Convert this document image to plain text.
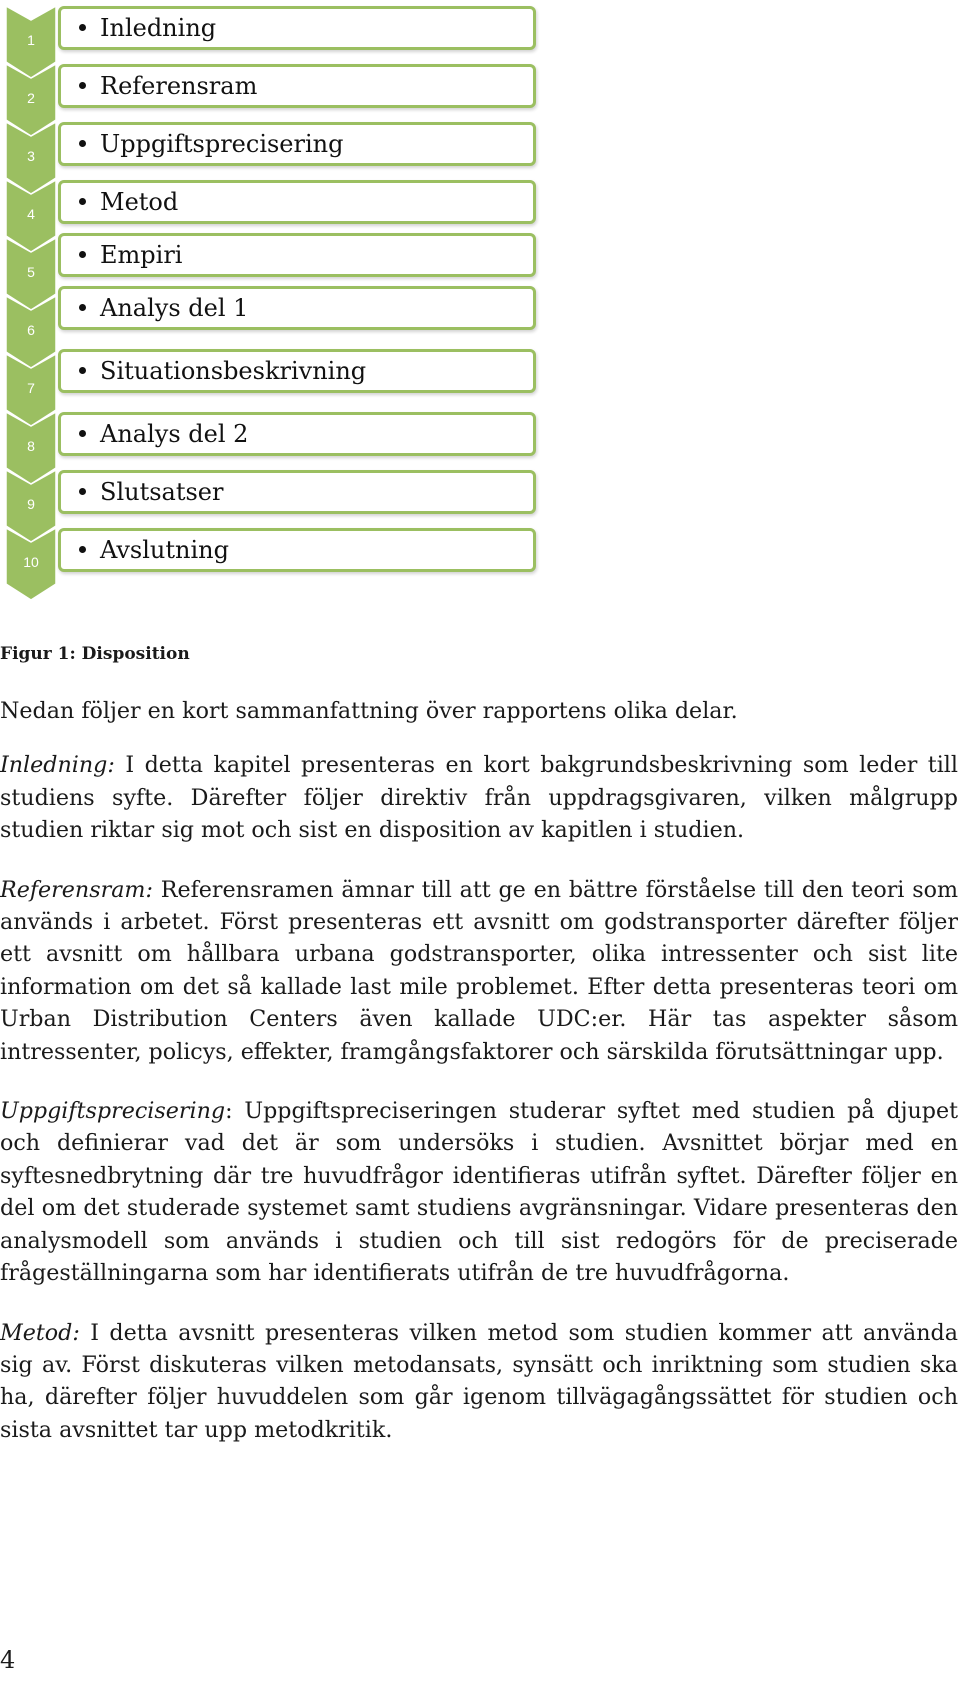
1
2
3
4
5
6
7
8
9
10
Inledning
Referensram
Uppgiftsprecisering
Metod
Empiri
Analys del 1
Situationsbeskrivning
Analys del 2
Slutsatser
Avslutning
Figur 1: Disposition

Nedan följer en kort sammanfattning över rapportens olika delar.

Inledning: I detta kapitel presenteras en kort bakgrundsbeskrivning som leder till studiens syfte. Därefter följer direktiv från uppdragsgivaren, vilken målgrupp studien riktar sig mot och sist en disposition av kapitlen i studien.

Referensram: Referensramen ämnar till att ge en bättre förståelse till den teori som används i arbetet. Först presenteras ett avsnitt om godstransporter därefter följer ett avsnitt om hållbara urbana godstransporter, olika intressenter och sist lite information om det så kallade last mile problemet. Efter detta presenteras teori om Urban Distribution Centers även kallade UDC:er. Här tas aspekter såsom intressenter, policys, effekter, framgångsfaktorer och särskilda förutsättningar upp.

Uppgiftsprecisering: Uppgiftspreciseringen studerar syftet med studien på djupet och definierar vad det är som undersöks i studien. Avsnittet börjar med en syftesnedbrytning där tre huvudfrågor identifieras utifrån syftet. Därefter följer en del om det studerade systemet samt studiens avgränsningar. Vidare presenteras den analysmodell som används i studien och till sist redogörs för de preciserade frågeställningarna som har identifierats utifrån de tre huvudfrågorna.

Metod: I detta avsnitt presenteras vilken metod som studien kommer att använda sig av. Först diskuteras vilken metodansats, synsätt och inriktning som studien ska ha, därefter följer huvuddelen som går igenom tillvägagångssättet för studien och sista avsnittet tar upp metodkritik.

4
